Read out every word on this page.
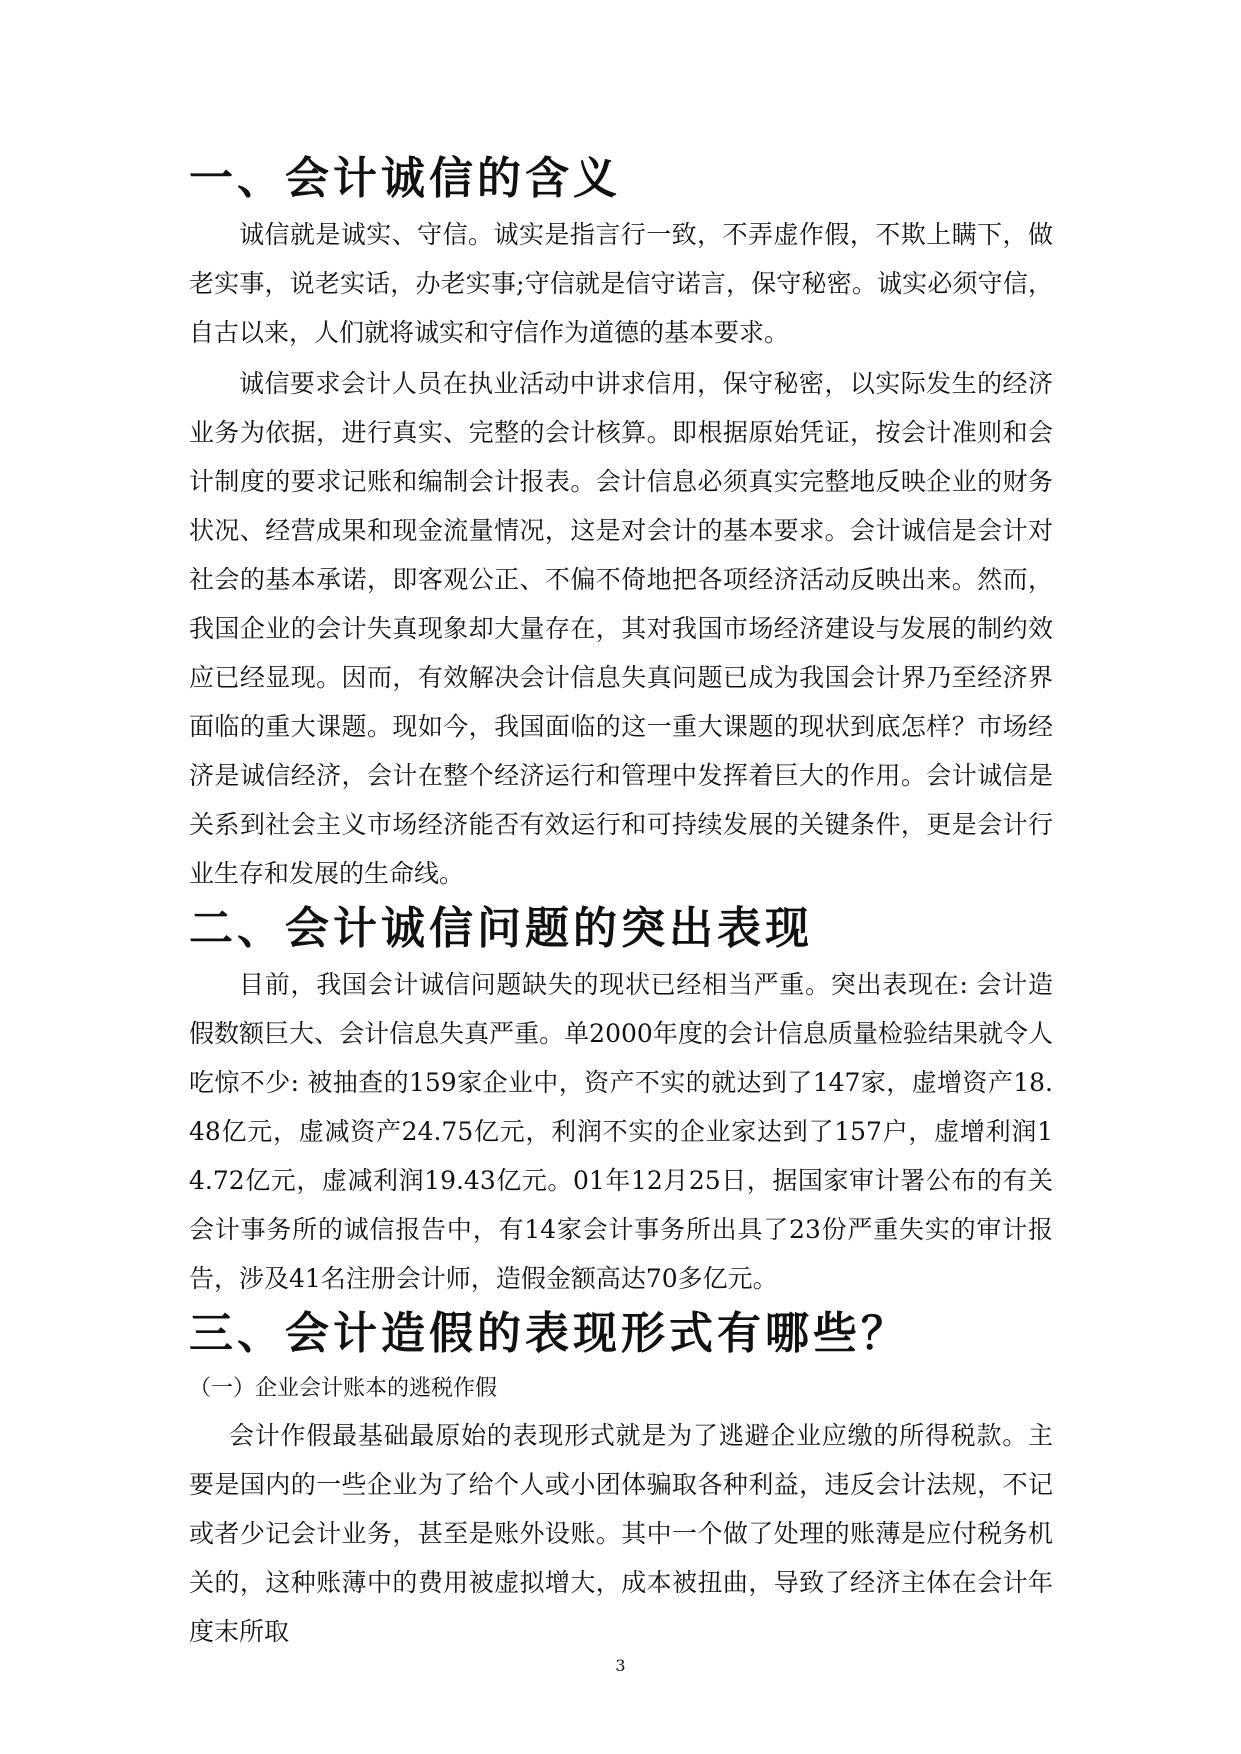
一、会计诚信的含义

诚信就是诚实、守信。诚实是指言行一致，不弄虚作假，不欺上瞒下，做老实事，说老实话，办老实事;守信就是信守诺言，保守秘密。诚实必须守信，自古以来，人们就将诚实和守信作为道德的基本要求。

诚信要求会计人员在执业活动中讲求信用，保守秘密，以实际发生的经济业务为依据，进行真实、完整的会计核算。即根据原始凭证，按会计准则和会计制度的要求记账和编制会计报表。会计信息必须真实完整地反映企业的财务状况、经营成果和现金流量情况，这是对会计的基本要求。会计诚信是会计对社会的基本承诺，即客观公正、不偏不倚地把各项经济活动反映出来。然而，我国企业的会计失真现象却大量存在，其对我国市场经济建设与发展的制约效应已经显现。因而，有效解决会计信息失真问题已成为我国会计界乃至经济界面临的重大课题。现如今，我国面临的这一重大课题的现状到底怎样？市场经济是诚信经济，会计在整个经济运行和管理中发挥着巨大的作用。会计诚信是关系到社会主义市场经济能否有效运行和可持续发展的关键条件，更是会计行业生存和发展的生命线。

二、会计诚信问题的突出表现

目前，我国会计诚信问题缺失的现状已经相当严重。突出表现在: 会计造假数额巨大、会计信息失真严重。单2000年度的会计信息质量检验结果就令人吃惊不少: 被抽查的159家企业中，资产不实的就达到了147家，虚增资产18.48亿元，虚减资产24.75亿元，利润不实的企业家达到了157户，虚增利润14.72亿元，虚减利润19.43亿元。01年12月25日，据国家审计署公布的有关会计事务所的诚信报告中，有14家会计事务所出具了23份严重失实的审计报告，涉及41名注册会计师，造假金额高达70多亿元。

三、会计造假的表现形式有哪些？
（一）企业会计账本的逃税作假

会计作假最基础最原始的表现形式就是为了逃避企业应缴的所得税款。主要是国内的一些企业为了给个人或小团体骗取各种利益，违反会计法规，不记或者少记会计业务，甚至是账外设账。其中一个做了处理的账薄是应付税务机关的，这种账薄中的费用被虚拟增大，成本被扭曲，导致了经济主体在会计年度末所取

3
